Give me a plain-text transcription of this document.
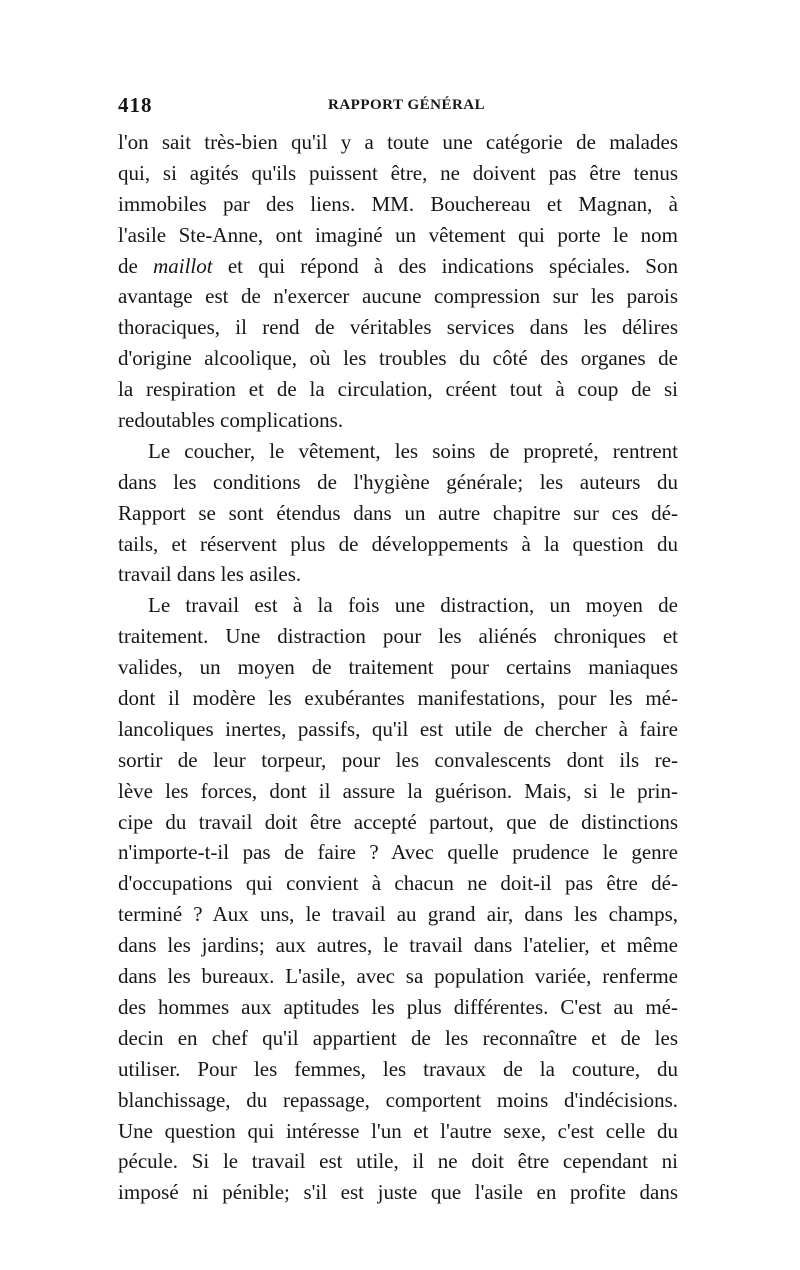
418	RAPPORT GÉNÉRAL
l'on sait très-bien qu'il y a toute une catégorie de malades
qui, si agités qu'ils puissent être, ne doivent pas être tenus
immobiles par des liens. MM. Bouchereau et Magnan, à
l'asile Ste-Anne, ont imaginé un vêtement qui porte le nom
de maillot et qui répond à des indications spéciales. Son
avantage est de n'exercer aucune compression sur les parois
thoraciques, il rend de véritables services dans les délires
d'origine alcoolique, où les troubles du côté des organes de
la respiration et de la circulation, créent tout à coup de si
redoutables complications.
Le coucher, le vêtement, les soins de propreté, rentrent
dans les conditions de l'hygiène générale; les auteurs du
Rapport se sont étendus dans un autre chapitre sur ces dé-
tails, et réservent plus de développements à la question du
travail dans les asiles.
Le travail est à la fois une distraction, un moyen de
traitement. Une distraction pour les aliénés chroniques et
valides, un moyen de traitement pour certains maniaques
dont il modère les exubérantes manifestations, pour les mé-
lancoliques inertes, passifs, qu'il est utile de chercher à faire
sortir de leur torpeur, pour les convalescents dont ils re-
lève les forces, dont il assure la guérison. Mais, si le prin-
cipe du travail doit être accepté partout, que de distinctions
n'importe-t-il pas de faire ? Avec quelle prudence le genre
d'occupations qui convient à chacun ne doit-il pas être dé-
terminé ? Aux uns, le travail au grand air, dans les champs,
dans les jardins; aux autres, le travail dans l'atelier, et même
dans les bureaux. L'asile, avec sa population variée, renferme
des hommes aux aptitudes les plus différentes. C'est au mé-
decin en chef qu'il appartient de les reconnaître et de les
utiliser. Pour les femmes, les travaux de la couture, du
blanchissage, du repassage, comportent moins d'indécisions.
Une question qui intéresse l'un et l'autre sexe, c'est celle du
pécule. Si le travail est utile, il ne doit être cependant ni
imposé ni pénible; s'il est juste que l'asile en profite dans
